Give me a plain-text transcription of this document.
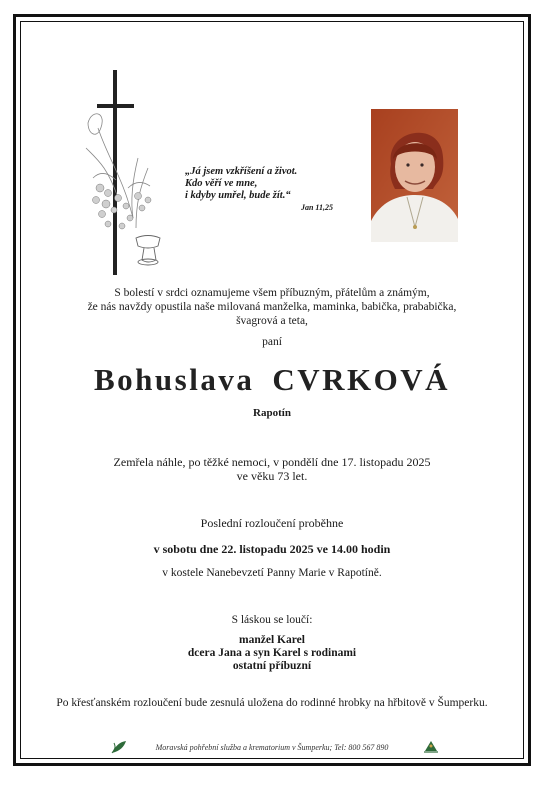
„Já jsem vzkříšení a život.
Kdo věří ve mne,
i kdyby umřel, bude žít.“
Jan 11,25
S bolestí v srdci oznamujeme všem příbuzným, přátelům a známým,
že nás navždy opustila naše milovaná manželka, maminka, babička, prababička,
švagrová a teta,
paní
Bohuslava CVRKOVÁ
Rapotín
Zemřela náhle, po těžké nemoci, v pondělí dne 17. listopadu 2025
ve věku 73 let.
Poslední rozloučení proběhne
v sobotu dne 22. listopadu 2025 ve 14.00 hodin
v kostele Nanebevzetí Panny Marie v Rapotíně.
S láskou se loučí:
manžel Karel
dcera Jana a syn Karel s rodinami
ostatní příbuzní
Po křesťanském rozloučení bude zesnulá uložena do rodinné hrobky na hřbitově v Šumperku.
Moravská pohřební služba a krematorium v Šumperku; Tel: 800 567 890
